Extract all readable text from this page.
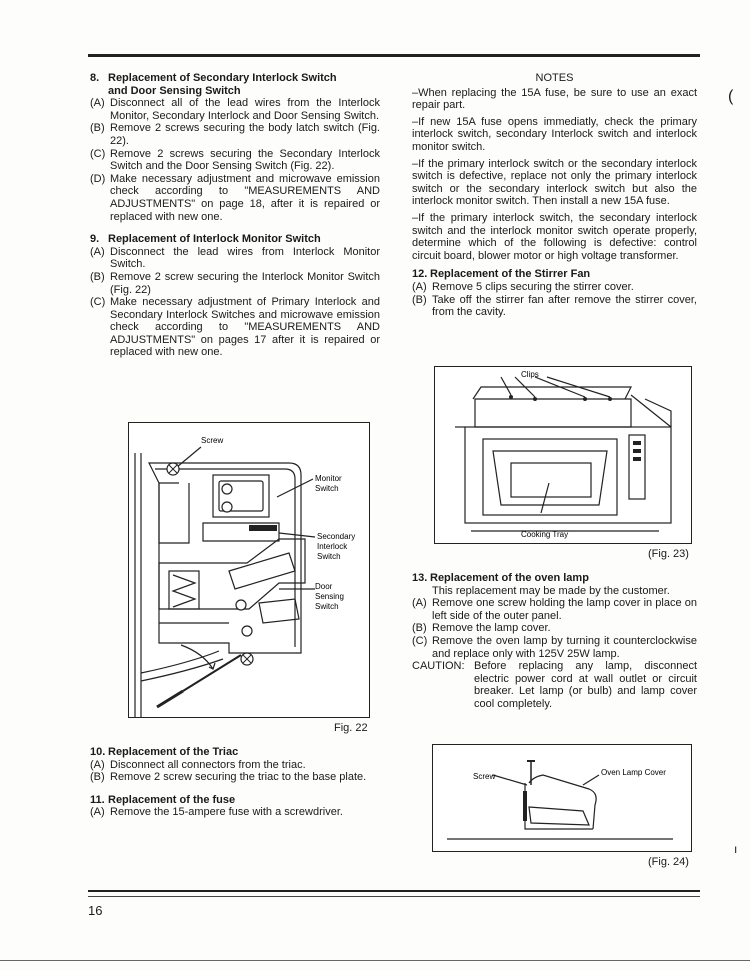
8. Replacement of Secondary Interlock Switch
and Door Sensing Switch
(A) Disconnect all of the lead wires from the Interlock Monitor, Secondary Interlock and Door Sensing Switch.
(B) Remove 2 screws securing the body latch switch (Fig. 22).
(C) Remove 2 screws securing the Secondary Interlock Switch and the Door Sensing Switch (Fig. 22).
(D) Make necessary adjustment and microwave emission check according to "MEASUREMENTS AND ADJUSTMENTS" on page 18, after it is repaired or replaced with new one.
9. Replacement of Interlock Monitor Switch
(A) Disconnect the lead wires from Interlock Monitor Switch.
(B) Remove 2 screw securing the Interlock Monitor Switch (Fig. 22)
(C) Make necessary adjustment of Primary Interlock and Secondary Interlock Switches and microwave emission check according to "MEASUREMENTS AND ADJUSTMENTS" on pages 17 after it is repaired or replaced with new one.
Screw
Monitor
Switch
Secondary
Interlock
Switch
Door
Sensing
Switch
Fig. 22
10. Replacement of the Triac
(A) Disconnect all connectors from the triac.
(B) Remove 2 screw securing the triac to the base plate.
11. Replacement of the fuse
(A) Remove the 15-ampere fuse with a screwdriver.
NOTES
–When replacing the 15A fuse, be sure to use an exact repair part.
–If new 15A fuse opens immediatly, check the primary interlock switch, secondary Interlock switch and interlock monitor switch.
–If the primary interlock switch or the secondary interlock switch is defective, replace not only the primary interlock switch or the secondary interlock switch but also the interlock monitor switch. Then install a new 15A fuse.
–If the primary interlock switch, the secondary interlock switch and the interlock monitor switch operate properly, determine which of the following is defective: control circuit board, blower motor or high voltage transformer.
12. Replacement of the Stirrer Fan
(A) Remove 5 clips securing the stirrer cover.
(B) Take off the stirrer fan after remove the stirrer cover, from the cavity.
Clips
Cooking Tray
(Fig. 23)
13. Replacement of the oven lamp
This replacement may be made by the customer.
(A) Remove one screw holding the lamp cover in place on left side of the outer panel.
(B) Remove the lamp cover.
(C) Remove the oven lamp by turning it counterclockwise and replace only with 125V 25W lamp.
CAUTION: Before replacing any lamp, disconnect electric power cord at wall outlet or circuit breaker. Let lamp (or bulb) and lamp cover cool completely.
Screw	Oven Lamp Cover
(Fig. 24)
(
ı
16
